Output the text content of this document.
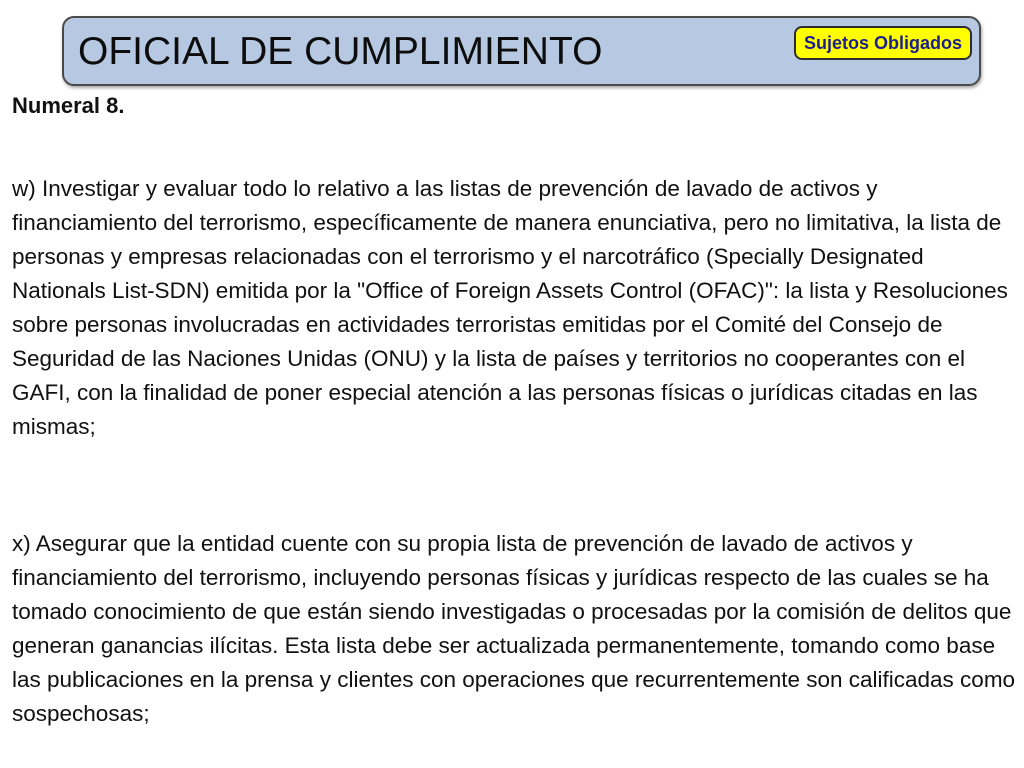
OFICIAL DE CUMPLIMIENTO	Sujetos Obligados
Numeral 8.

w) Investigar y evaluar todo lo relativo a las listas de prevención de lavado de activos y financiamiento del terrorismo, específicamente de manera enunciativa, pero no limitativa, la lista de personas y empresas relacionadas con el terrorismo y el narcotráfico (Specially Designated Nationals List-SDN) emitida por la "Office of Foreign Assets Control (OFAC)": la lista y Resoluciones sobre personas involucradas en actividades terroristas emitidas por el Comité del Consejo de Seguridad de las Naciones Unidas (ONU) y la lista de países y territorios no cooperantes con el GAFI, con la finalidad de poner especial atención a las personas físicas o jurídicas citadas en las mismas;

x) Asegurar que la entidad cuente con su propia lista de prevención de lavado de activos y financiamiento del terrorismo, incluyendo personas físicas y jurídicas respecto de las cuales se ha tomado conocimiento de que están siendo investigadas o procesadas por la comisión de delitos que generan ganancias ilícitas. Esta lista debe ser actualizada permanentemente, tomando como base las publicaciones en la prensa y clientes con operaciones que recurrentemente son calificadas como sospechosas;
